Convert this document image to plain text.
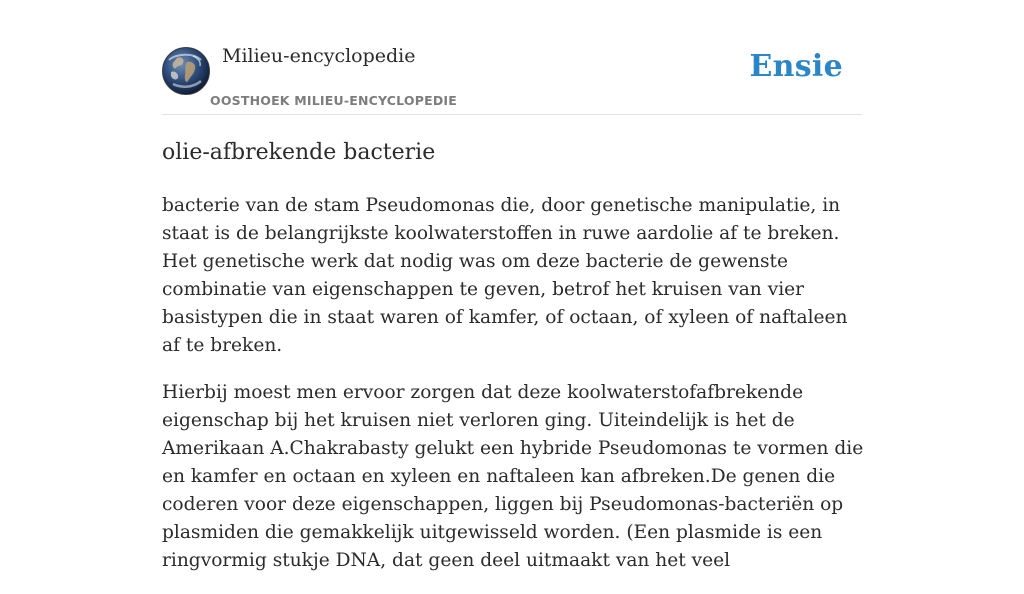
Milieu-encyclopedie
OOSTHOEK MILIEU-ENCYCLOPEDIE
Ensie
olie-afbrekende bacterie

bacterie van de stam Pseudomonas die, door genetische manipulatie, in staat is de belangrijkste koolwaterstoffen in ruwe aardolie af te breken. Het genetische werk dat nodig was om deze bacterie de gewenste combinatie van eigenschappen te geven, betrof het kruisen van vier basistypen die in staat waren of kamfer, of octaan, of xyleen of naftaleen af te breken.

Hierbij moest men ervoor zorgen dat deze koolwaterstofafbrekende eigenschap bij het kruisen niet verloren ging. Uiteindelijk is het de Amerikaan A.Chakrabasty gelukt een hybride Pseudomonas te vormen die en kamfer en octaan en xyleen en naftaleen kan afbreken.De genen die coderen voor deze eigenschappen, liggen bij Pseudomonas-bacteriën op plasmiden die gemakkelijk uitgewisseld worden. (Een plasmide is een ringvormig stukje DNA, dat geen deel uitmaakt van het veel
